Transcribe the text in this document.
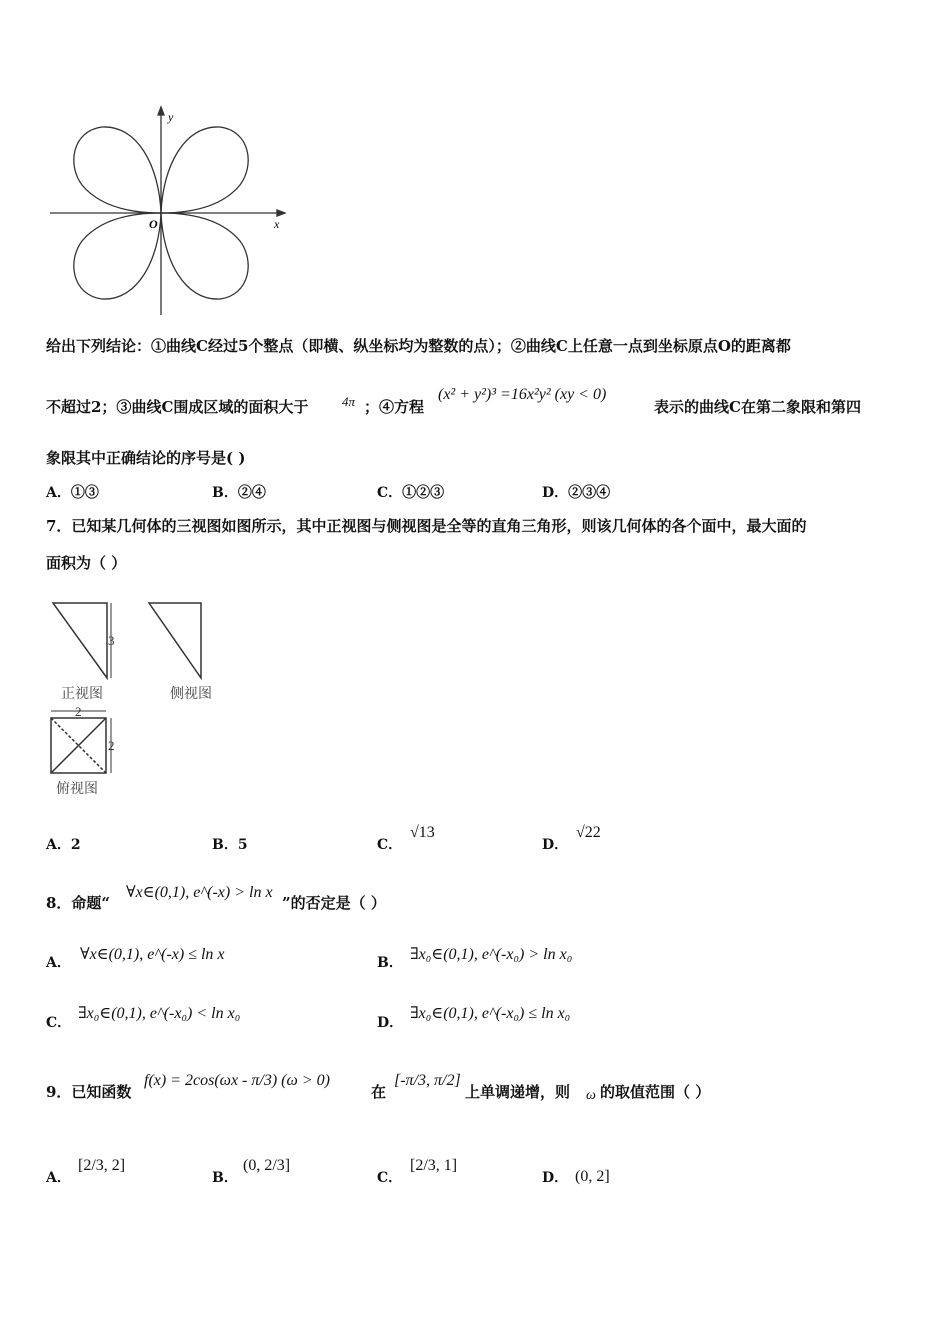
y
x
O
给出下列结论：①曲线C经过5个整点（即横、纵坐标均为整数的点）；②曲线C上任意一点到坐标原点O的距离都
不超过2；③曲线C围成区域的面积大于	4π ；④方程
(x² + y²)³ =16x²y² (xy < 0)
表示的曲线C在第二象限和第四
象限其中正确结论的序号是( )
A．①③	B．②④	C．①②③	D．②③④
7．已知某几何体的三视图如图所示，其中正视图与侧视图是全等的直角三角形，则该几何体的各个面中，最大面的
面积为（ ）
3
2
2
正视图	侧视图
俯视图
A．2	B．5	C．
√13
D．
√22
8．命题“
∀x∈(0,1), e^(-x) > ln x
”的否定是（ ）
A． ∀x∈(0,1), e^(-x) ≤ ln x	B． ∃x₀∈(0,1), e^(-x₀) > ln x₀
C．
∃x₀∈(0,1), e^(-x₀) < ln x₀
D．
∃x₀∈(0,1), e^(-x₀) ≤ ln x₀
9．已知函数
f(x) = 2cos(ωx - π/3) (ω > 0)
在
[-π/3, π/2]
上单调递增，则 ω 的取值范围（ ）
A．
[2/3, 2]
B．
(0, 2/3]
C．
[2/3, 1]
D． (0, 2]
